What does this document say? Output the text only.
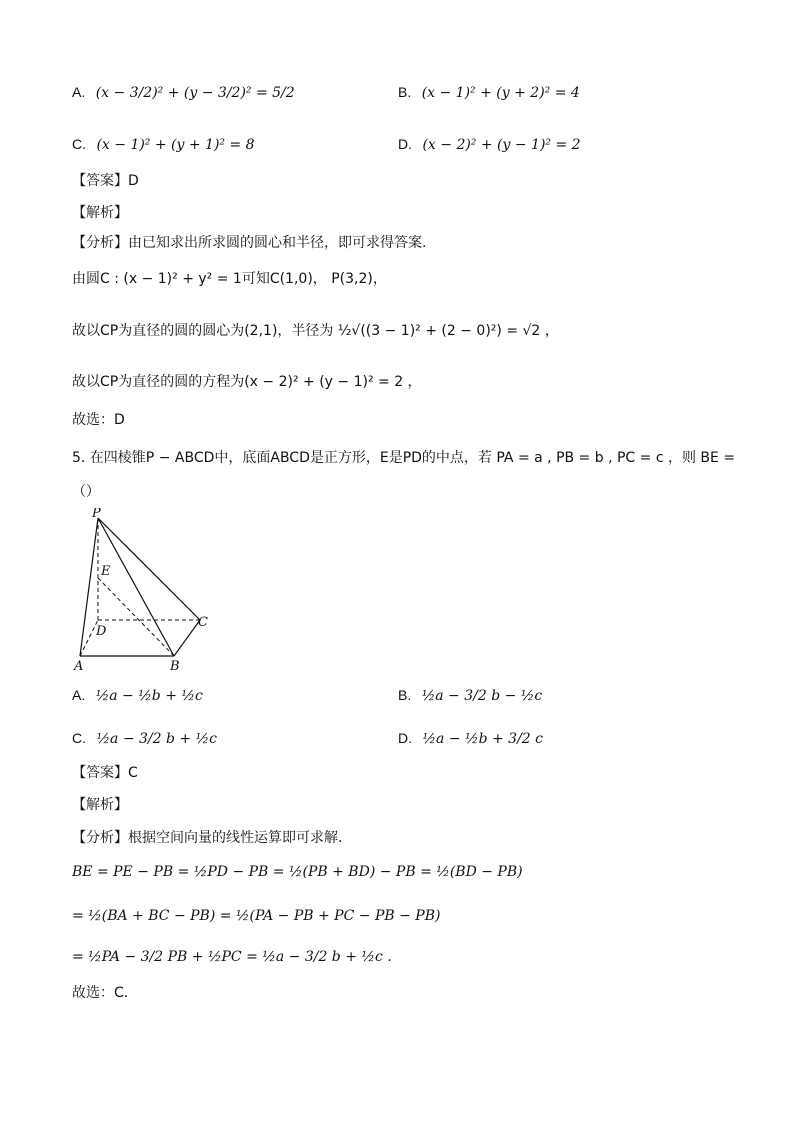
A. (x − 3/2)² + (y − 3/2)² = 5/2	B. (x − 1)² + (y + 2)² = 4
C. (x − 1)² + (y + 1)² = 8	D. (x − 2)² + (y − 1)² = 2
【答案】D
【解析】
【分析】由已知求出所求圆的圆心和半径，即可求得答案.
由圆C : (x − 1)² + y² = 1可知C(1,0)， P(3,2)，
故以CP为直径的圆的圆心为(2,1)，半径为 ½√((3 − 1)² + (2 − 0)²) = √2 ，
故以CP为直径的圆的方程为(x − 2)² + (y − 1)² = 2 ，
故选：D
5. 在四棱锥P − ABCD中，底面ABCD是正方形，E是PD的中点，若 PA = a , PB = b , PC = c ，则 BE =
（）
P
E
D
C
A	B
A. ½a − ½b + ½c	B. ½a − 3/2 b − ½c
C. ½a − 3/2 b + ½c	D. ½a − ½b + 3/2 c
【答案】C
【解析】
【分析】根据空间向量的线性运算即可求解.
BE = PE − PB = ½PD − PB = ½(PB + BD) − PB = ½(BD − PB)
= ½(BA + BC − PB) = ½(PA − PB + PC − PB − PB)
= ½PA − 3/2 PB + ½PC = ½a − 3/2 b + ½c .
故选：C.
